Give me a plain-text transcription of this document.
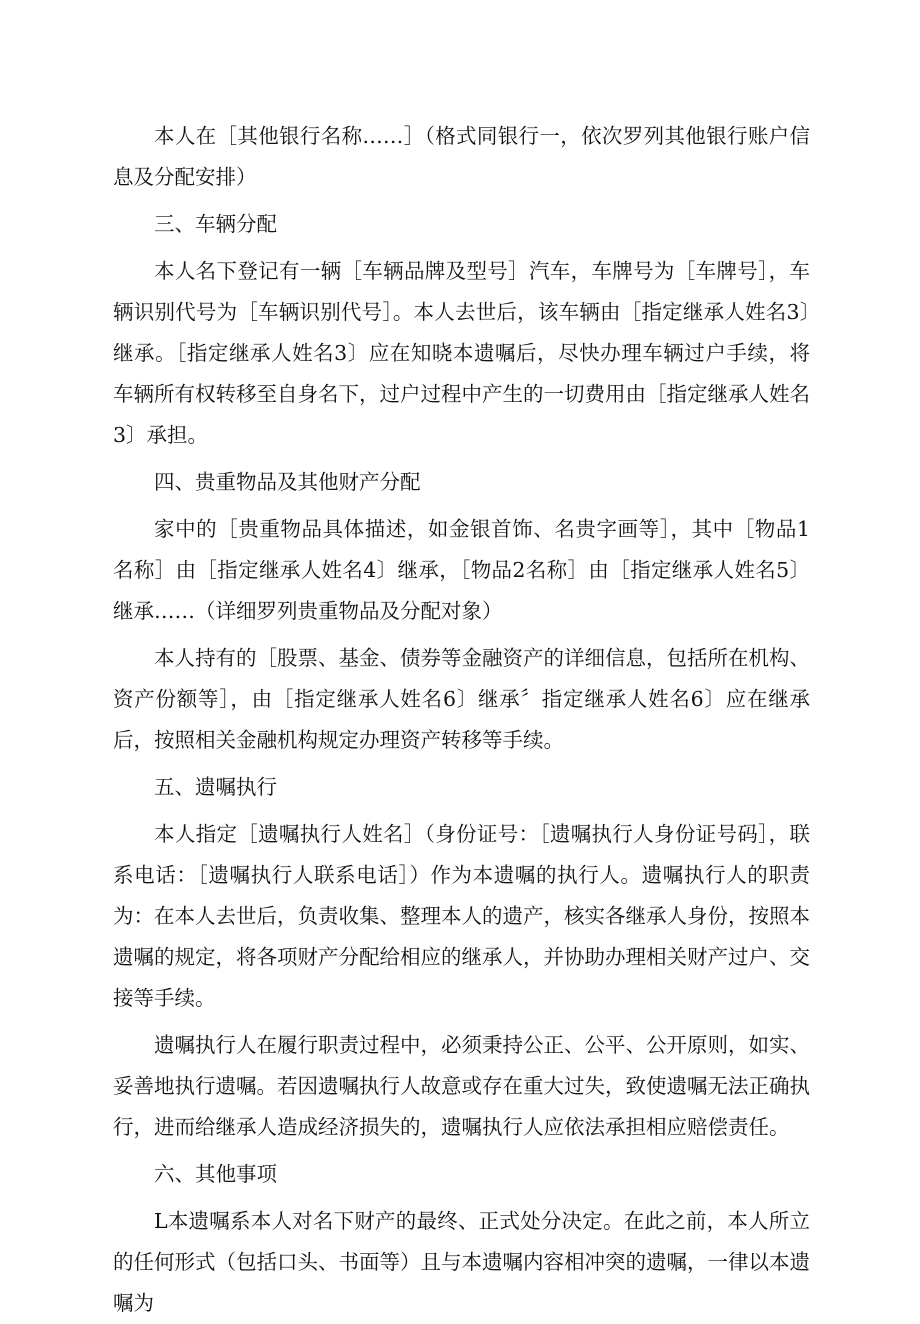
本人在［其他银行名称……］（格式同银行一，依次罗列其他银行账户信息及分配安排）

三、车辆分配

本人名下登记有一辆［车辆品牌及型号］汽车，车牌号为［车牌号］，车辆识别代号为［车辆识别代号］。本人去世后，该车辆由［指定继承人姓名3〕继承。［指定继承人姓名3〕应在知晓本遗嘱后，尽快办理车辆过户手续，将车辆所有权转移至自身名下，过户过程中产生的一切费用由［指定继承人姓名3〕承担。

四、贵重物品及其他财产分配

家中的［贵重物品具体描述，如金银首饰、名贵字画等］，其中［物品1名称］由［指定继承人姓名4〕继承，［物品2名称］由［指定继承人姓名5〕继承……（详细罗列贵重物品及分配对象）

本人持有的［股票、基金、债券等金融资产的详细信息，包括所在机构、资产份额等］，由［指定继承人姓名6〕继承〞指定继承人姓名6〕应在继承后，按照相关金融机构规定办理资产转移等手续。

五、遗嘱执行

本人指定［遗嘱执行人姓名］（身份证号：［遗嘱执行人身份证号码］，联系电话：［遗嘱执行人联系电话］）作为本遗嘱的执行人。遗嘱执行人的职责为：在本人去世后，负责收集、整理本人的遗产，核实各继承人身份，按照本遗嘱的规定，将各项财产分配给相应的继承人，并协助办理相关财产过户、交接等手续。

遗嘱执行人在履行职责过程中，必须秉持公正、公平、公开原则，如实、妥善地执行遗嘱。若因遗嘱执行人故意或存在重大过失，致使遗嘱无法正确执行，进而给继承人造成经济损失的，遗嘱执行人应依法承担相应赔偿责任。

六、其他事项

L本遗嘱系本人对名下财产的最终、正式处分决定。在此之前，本人所立的任何形式（包括口头、书面等）且与本遗嘱内容相冲突的遗嘱，一律以本遗嘱为
